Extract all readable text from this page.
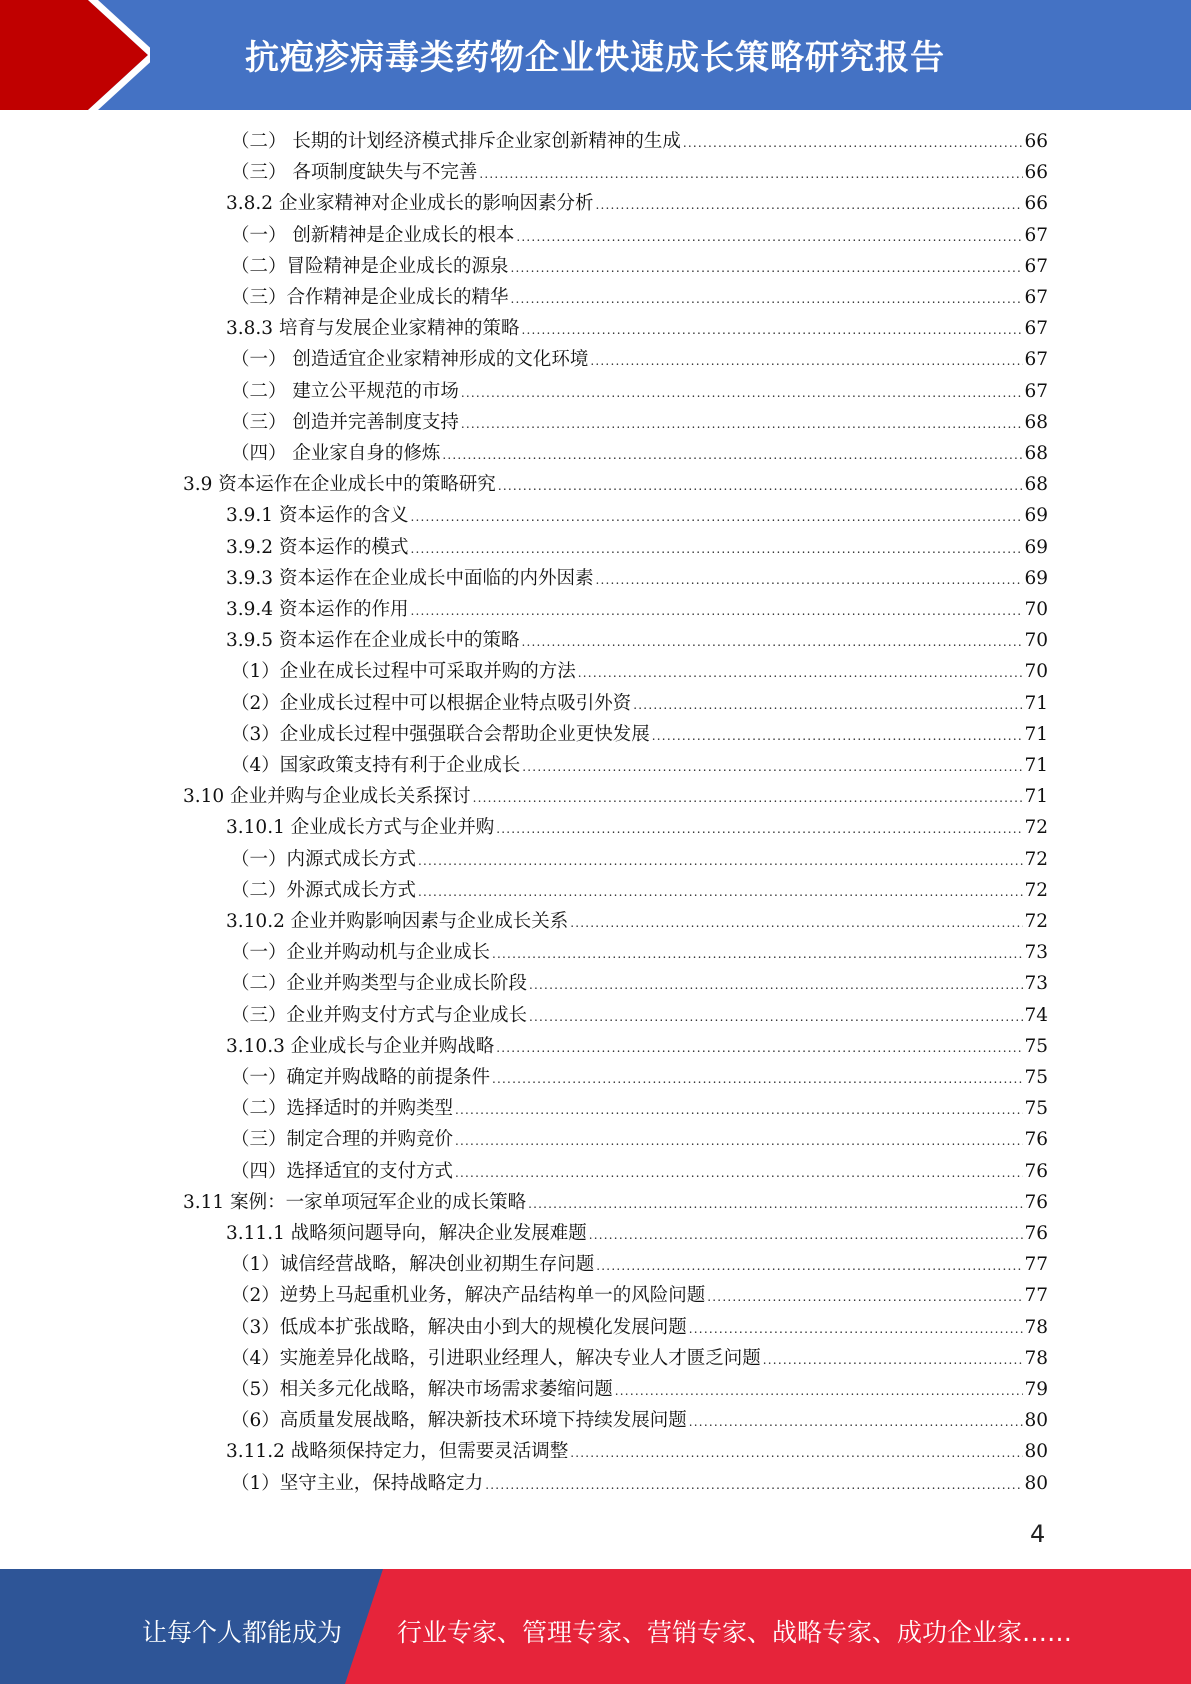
抗疱疹病毒类药物企业快速成长策略研究报告
（二） 长期的计划经济模式排斥企业家创新精神的生成 .....	66
（三） 各项制度缺失与不完善 .....	66
3.8.2 企业家精神对企业成长的影响因素分析 .....	66
（一） 创新精神是企业成长的根本 .....	67
（二）冒险精神是企业成长的源泉 .....	67
（三）合作精神是企业成长的精华 .....	67
3.8.3 培育与发展企业家精神的策略 .....	67
（一） 创造适宜企业家精神形成的文化环境 .....	67
（二） 建立公平规范的市场 .....	67
（三） 创造并完善制度支持 .....	68
（四） 企业家自身的修炼 .....	68
3.9 资本运作在企业成长中的策略研究 .....	68
3.9.1 资本运作的含义 .....	69
3.9.2 资本运作的模式 .....	69
3.9.3 资本运作在企业成长中面临的内外因素 .....	69
3.9.4 资本运作的作用 .....	70
3.9.5 资本运作在企业成长中的策略 .....	70
（1）企业在成长过程中可采取并购的方法 .....	70
（2）企业成长过程中可以根据企业特点吸引外资 .....	71
（3）企业成长过程中强强联合会帮助企业更快发展 .....	71
（4）国家政策支持有利于企业成长 .....	71
3.10 企业并购与企业成长关系探讨 .....	71
3.10.1 企业成长方式与企业并购 .....	72
（一）内源式成长方式 .....	72
（二）外源式成长方式 .....	72
3.10.2 企业并购影响因素与企业成长关系 .....	72
（一）企业并购动机与企业成长 .....	73
（二）企业并购类型与企业成长阶段 .....	73
（三）企业并购支付方式与企业成长 .....	74
3.10.3 企业成长与企业并购战略 .....	75
（一）确定并购战略的前提条件 .....	75
（二）选择适时的并购类型 .....	75
（三）制定合理的并购竞价 .....	76
（四）选择适宜的支付方式 .....	76
3.11 案例：一家单项冠军企业的成长策略 .....	76
3.11.1 战略须问题导向，解决企业发展难题 .....	76
（1）诚信经营战略，解决创业初期生存问题 .....	77
（2）逆势上马起重机业务，解决产品结构单一的风险问题 .....	77
（3）低成本扩张战略，解决由小到大的规模化发展问题 .....	78
（4）实施差异化战略，引进职业经理人，解决专业人才匮乏问题 .....	78
（5）相关多元化战略，解决市场需求萎缩问题 .....	79
（6）高质量发展战略，解决新技术环境下持续发展问题 .....	80
3.11.2 战略须保持定力，但需要灵活调整 .....	80
（1）坚守主业，保持战略定力 .....	80
4
让每个人都能成为 行业专家、管理专家、营销专家、战略专家、成功企业家……
